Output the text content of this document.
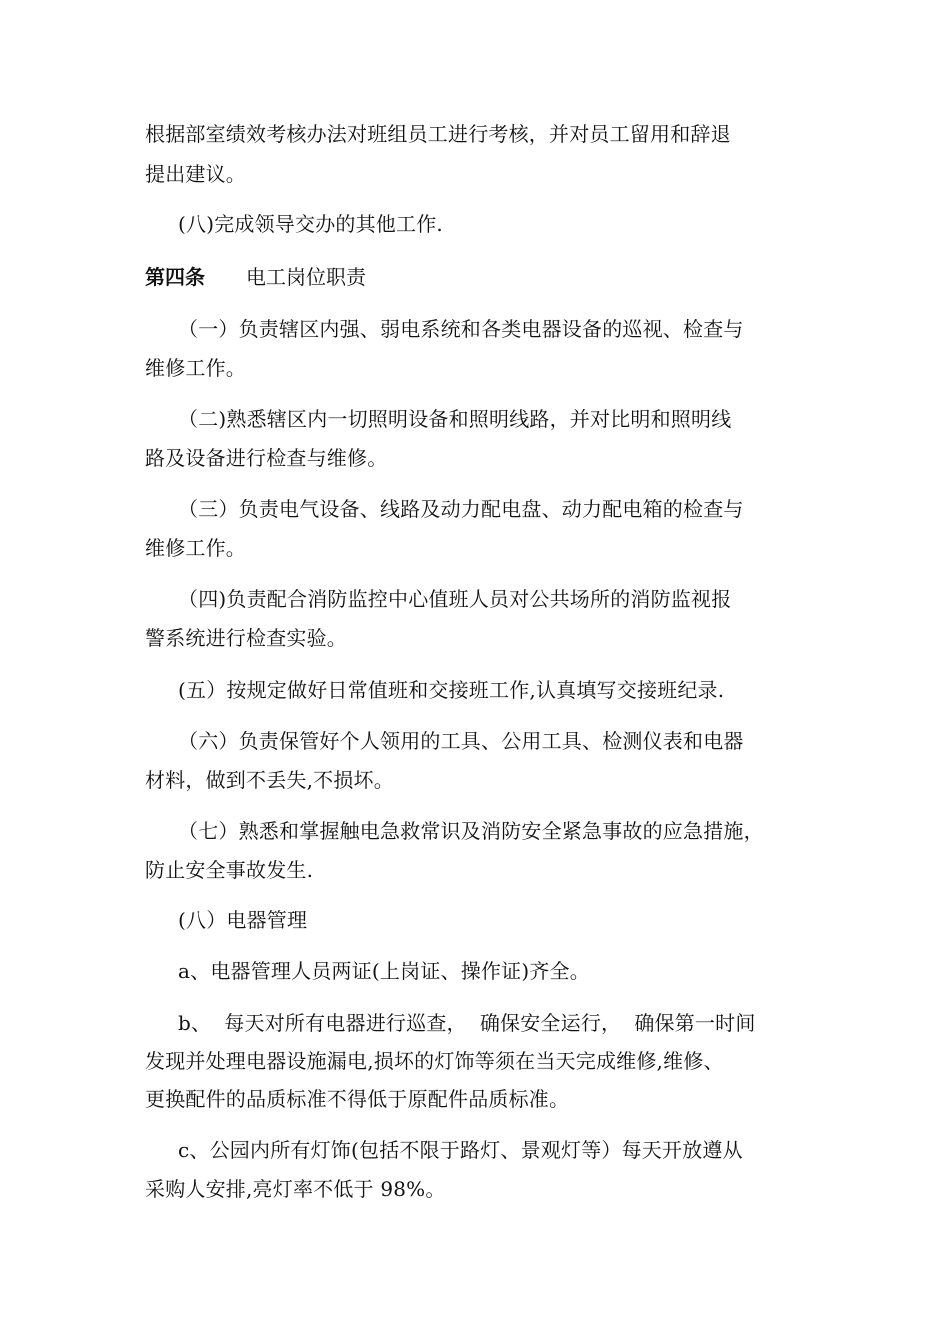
根据部室绩效考核办法对班组员工进行考核，并对员工留用和辞退
提出建议。
(八)完成领导交办的其他工作.
第四条 电工岗位职责
（一）负责辖区内强、弱电系统和各类电器设备的巡视、检查与
维修工作。
（二)熟悉辖区内一切照明设备和照明线路，并对比明和照明线
路及设备进行检查与维修。
（三）负责电气设备、线路及动力配电盘、动力配电箱的检查与
维修工作。
（四)负责配合消防监控中心值班人员对公共场所的消防监视报
警系统进行检查实验。
(五）按规定做好日常值班和交接班工作,认真填写交接班纪录.
（六）负责保管好个人领用的工具、公用工具、检测仪表和电器
材料，做到不丢失,不损坏。
（七）熟悉和掌握触电急救常识及消防安全紧急事故的应急措施，
防止安全事故发生.
(八）电器管理
a、电器管理人员两证(上岗证、操作证)齐全。
b、  每天对所有电器进行巡查，  确保安全运行，  确保第一时间
发现并处理电器设施漏电,损坏的灯饰等须在当天完成维修,维修、
更换配件的品质标准不得低于原配件品质标准。
c、公园内所有灯饰(包括不限于路灯、景观灯等）每天开放遵从
采购人安排,亮灯率不低于 98%。
